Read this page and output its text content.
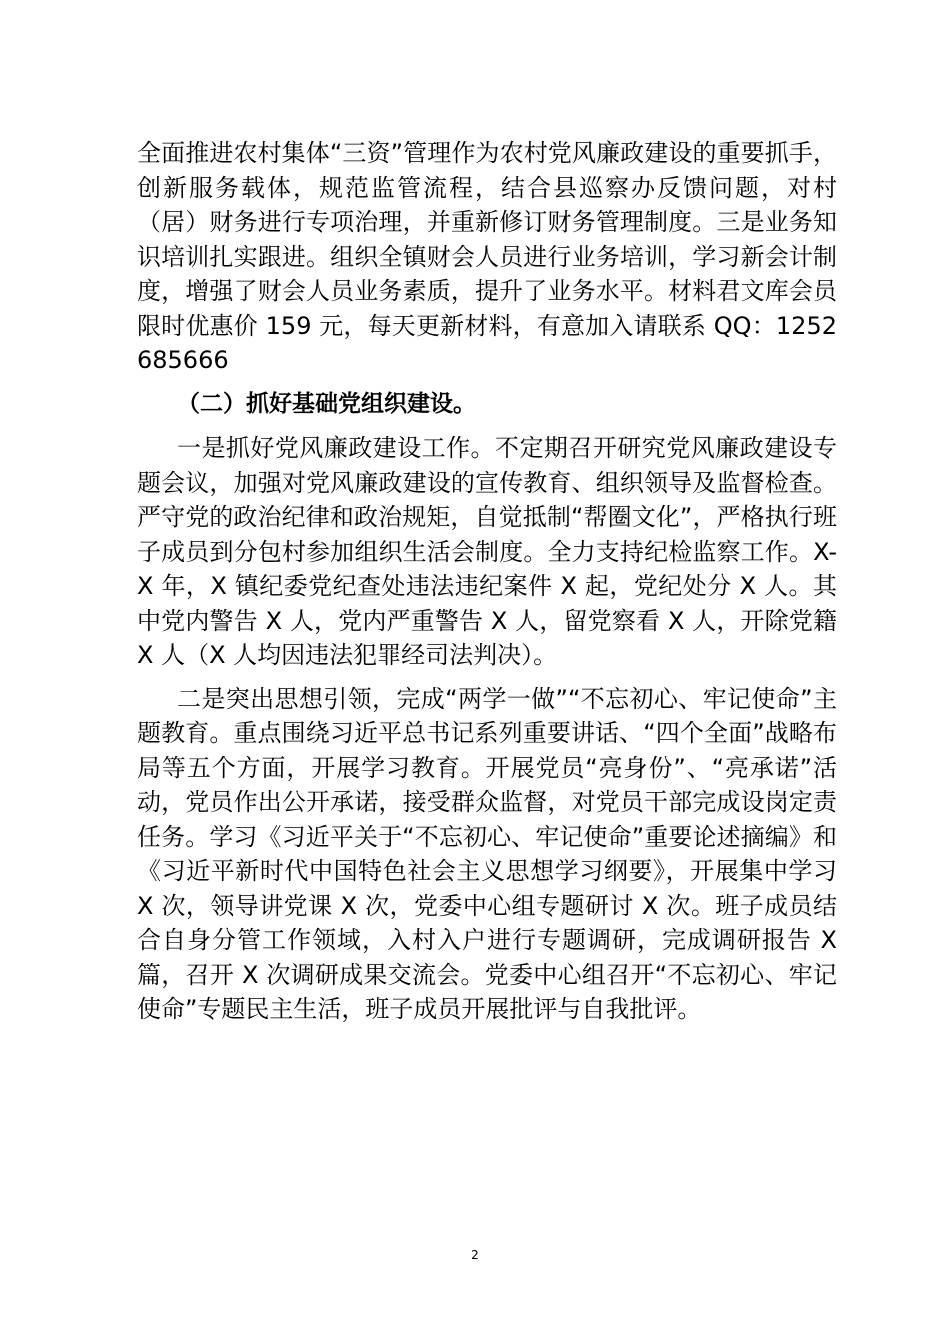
全面推进农村集体“三资”管理作为农村党风廉政建设的重要抓手，创新服务载体，规范监管流程，结合县巡察办反馈问题，对村（居）财务进行专项治理，并重新修订财务管理制度。三是业务知识培训扎实跟进。组织全镇财会人员进行业务培训，学习新会计制度，增强了财会人员业务素质，提升了业务水平。材料君文库会员限时优惠价 159 元，每天更新材料，有意加入请联系 QQ：1252685666

（二）抓好基础党组织建设。

一是抓好党风廉政建设工作。不定期召开研究党风廉政建设专题会议，加强对党风廉政建设的宣传教育、组织领导及监督检查。严守党的政治纪律和政治规矩，自觉抵制“帮圈文化”，严格执行班子成员到分包村参加组织生活会制度。全力支持纪检监察工作。X-X 年，X 镇纪委党纪查处违法违纪案件 X 起，党纪处分 X 人。其中党内警告 X 人，党内严重警告 X 人，留党察看 X 人，开除党籍 X 人（X 人均因违法犯罪经司法判决）。

二是突出思想引领，完成“两学一做”“不忘初心、牢记使命”主题教育。重点围绕习近平总书记系列重要讲话、“四个全面”战略布局等五个方面，开展学习教育。开展党员“亮身份”、“亮承诺”活动，党员作出公开承诺，接受群众监督，对党员干部完成设岗定责任务。学习《习近平关于“不忘初心、牢记使命”重要论述摘编》和《习近平新时代中国特色社会主义思想学习纲要》，开展集中学习 X 次，领导讲党课 X 次，党委中心组专题研讨 X 次。班子成员结合自身分管工作领域，入村入户进行专题调研，完成调研报告 X 篇，召开 X 次调研成果交流会。党委中心组召开“不忘初心、牢记使命”专题民主生活，班子成员开展批评与自我批评。

2
